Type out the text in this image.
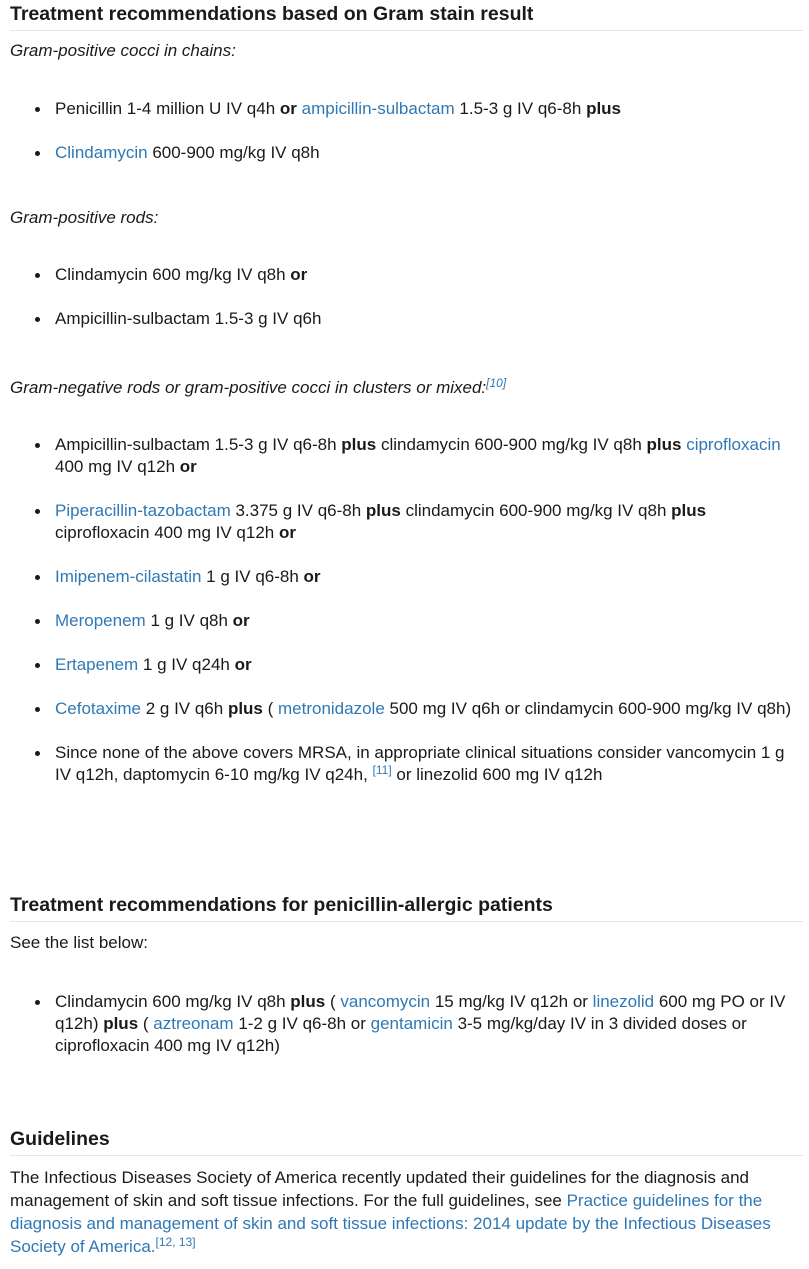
Treatment recommendations based on Gram stain result

Gram-positive cocci in chains:

Penicillin 1-4 million U IV q4h or ampicillin-sulbactam 1.5-3 g IV q6-8h plus
Clindamycin 600-900 mg/kg IV q8h

Gram-positive rods:

Clindamycin 600 mg/kg IV q8h or
Ampicillin-sulbactam 1.5-3 g IV q6h

Gram-negative rods or gram-positive cocci in clusters or mixed:[10]

Ampicillin-sulbactam 1.5-3 g IV q6-8h plus clindamycin 600-900 mg/kg IV q8h plus ciprofloxacin 400 mg IV q12h or
Piperacillin-tazobactam 3.375 g IV q6-8h plus clindamycin 600-900 mg/kg IV q8h plus ciprofloxacin 400 mg IV q12h or
Imipenem-cilastatin 1 g IV q6-8h or
Meropenem 1 g IV q8h or
Ertapenem 1 g IV q24h or
Cefotaxime 2 g IV q6h plus ( metronidazole 500 mg IV q6h or clindamycin 600-900 mg/kg IV q8h)
Since none of the above covers MRSA, in appropriate clinical situations consider vancomycin 1 g IV q12h, daptomycin 6-10 mg/kg IV q24h, [11] or linezolid 600 mg IV q12h
Treatment recommendations for penicillin-allergic patients

See the list below:

Clindamycin 600 mg/kg IV q8h plus ( vancomycin 15 mg/kg IV q12h or linezolid 600 mg PO or IV q12h) plus ( aztreonam 1-2 g IV q6-8h or gentamicin 3-5 mg/kg/day IV in 3 divided doses or ciprofloxacin 400 mg IV q12h)
Guidelines

The Infectious Diseases Society of America recently updated their guidelines for the diagnosis and management of skin and soft tissue infections. For the full guidelines, see Practice guidelines for the diagnosis and management of skin and soft tissue infections: 2014 update by the Infectious Diseases Society of America.[12, 13]
